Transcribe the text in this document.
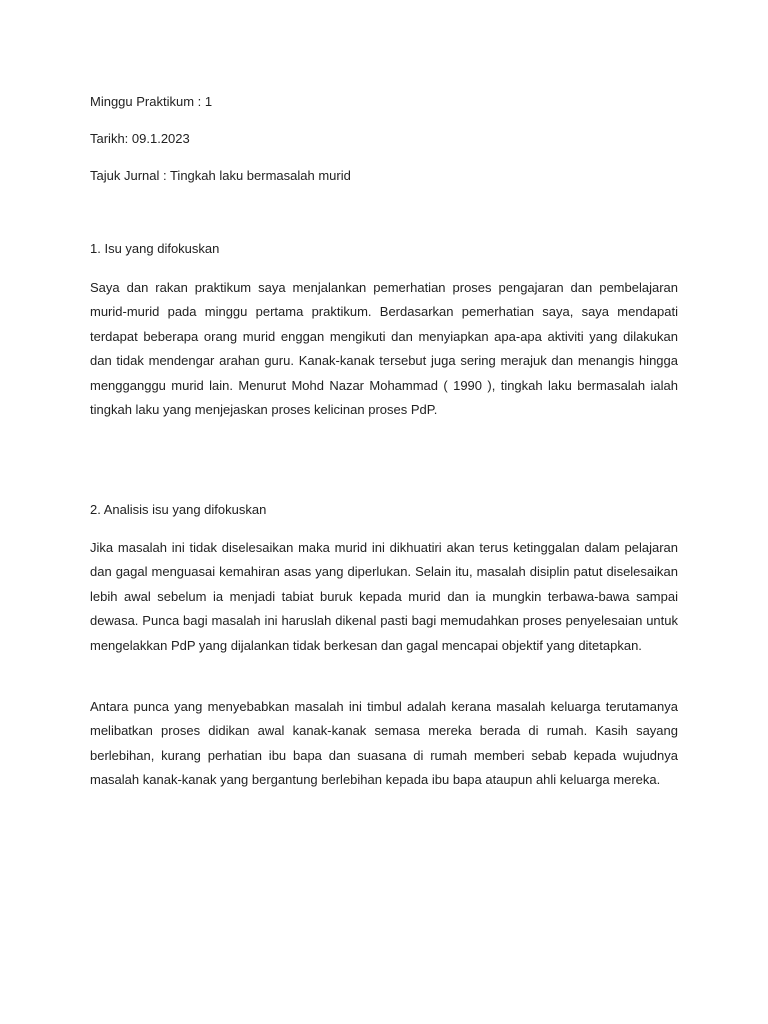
Minggu Praktikum : 1
Tarikh: 09.1.2023
Tajuk Jurnal : Tingkah laku bermasalah murid
1. Isu yang difokuskan

Saya dan rakan praktikum saya menjalankan pemerhatian proses pengajaran dan pembelajaran murid-murid pada minggu pertama praktikum. Berdasarkan pemerhatian saya, saya mendapati terdapat beberapa orang murid enggan mengikuti dan menyiapkan apa-apa aktiviti yang dilakukan dan tidak mendengar arahan guru. Kanak-kanak tersebut juga sering merajuk dan menangis hingga mengganggu murid lain. Menurut Mohd Nazar Mohammad ( 1990 ), tingkah laku bermasalah ialah tingkah laku yang menjejaskan proses kelicinan proses PdP.

2. Analisis isu yang difokuskan

Jika masalah ini tidak diselesaikan maka murid ini dikhuatiri akan terus ketinggalan dalam pelajaran dan gagal menguasai kemahiran asas yang diperlukan. Selain itu, masalah disiplin patut diselesaikan lebih awal sebelum ia menjadi tabiat buruk kepada murid dan ia mungkin terbawa-bawa sampai dewasa. Punca bagi masalah ini haruslah dikenal pasti bagi memudahkan proses penyelesaian untuk mengelakkan PdP yang dijalankan tidak berkesan dan gagal mencapai objektif yang ditetapkan.

Antara punca yang menyebabkan masalah ini timbul adalah kerana masalah keluarga terutamanya melibatkan proses didikan awal kanak-kanak semasa mereka berada di rumah. Kasih sayang berlebihan, kurang perhatian ibu bapa dan suasana di rumah memberi sebab kepada wujudnya masalah kanak-kanak yang bergantung berlebihan kepada ibu bapa ataupun ahli keluarga mereka.
